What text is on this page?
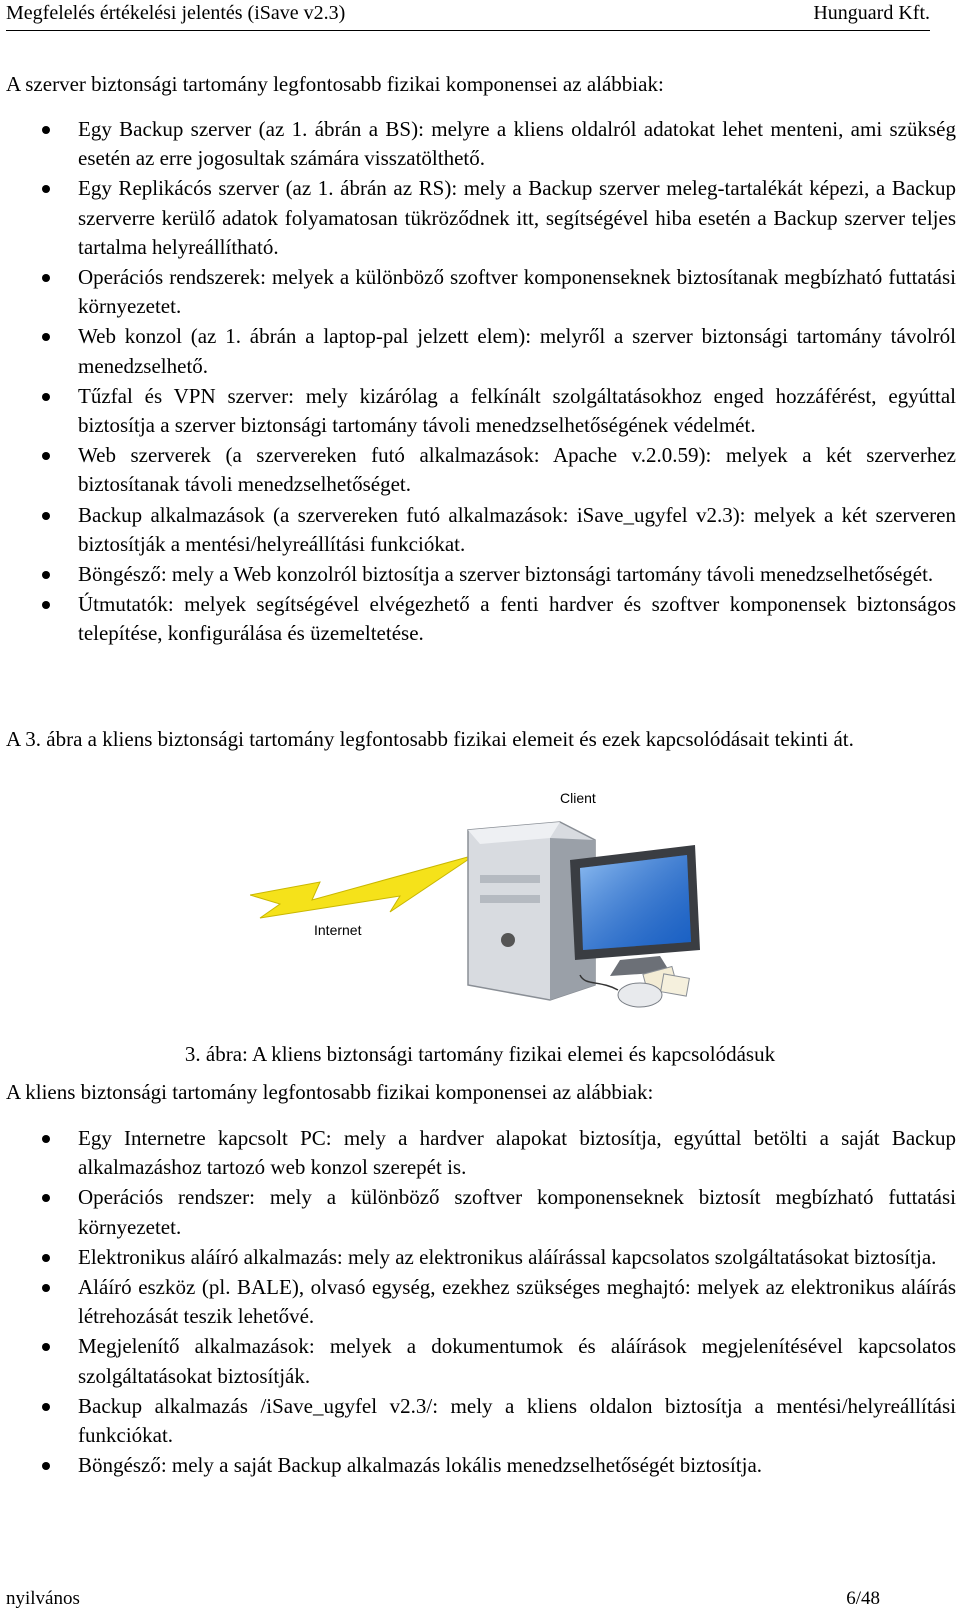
Megfelelés értékelési jelentés (iSave v2.3)	Hunguard Kft.
A szerver biztonsági tartomány legfontosabb fizikai komponensei az alábbiak:
Egy Backup szerver (az 1. ábrán a BS): melyre a kliens oldalról adatokat lehet menteni, ami szükség esetén az erre jogosultak számára visszatölthető.
Egy Replikácós szerver (az 1. ábrán az RS): mely a Backup szerver meleg-tartalékát képezi, a Backup szerverre kerülő adatok folyamatosan tükröződnek itt, segítségével hiba esetén a Backup szerver teljes tartalma helyreállítható.
Operációs rendszerek: melyek a különböző szoftver komponenseknek biztosítanak megbízható futtatási környezetet.
Web konzol (az 1. ábrán a laptop-pal jelzett elem): melyről a szerver biztonsági tartomány távolról menedzselhető.
Tűzfal és VPN szerver: mely kizárólag a felkínált szolgáltatásokhoz enged hozzáférést, egyúttal biztosítja a szerver biztonsági tartomány távoli menedzselhetőségének védelmét.
Web szerverek (a szervereken futó alkalmazások: Apache v.2.0.59): melyek a két szerverhez biztosítanak távoli menedzselhetőséget.
Backup alkalmazások (a szervereken futó alkalmazások: iSave_ugyfel v2.3): melyek a két szerveren biztosítják a mentési/helyreállítási funkciókat.
Böngésző: mely a Web konzolról biztosítja a szerver biztonsági tartomány távoli menedzselhetőségét.
Útmutatók: melyek segítségével elvégezhető a fenti hardver és szoftver komponensek biztonságos telepítése, konfigurálása és üzemeltetése.
A 3. ábra a kliens biztonsági tartomány legfontosabb fizikai elemeit és ezek kapcsolódásait tekinti át.
Client
Internet
3. ábra: A kliens biztonsági tartomány fizikai elemei és kapcsolódásuk
A kliens biztonsági tartomány legfontosabb fizikai komponensei az alábbiak:
Egy Internetre kapcsolt PC: mely a hardver alapokat biztosítja, egyúttal betölti a saját Backup alkalmazáshoz tartozó web konzol szerepét is.
Operációs rendszer: mely a különböző szoftver komponenseknek biztosít megbízható futtatási környezetet.
Elektronikus aláíró alkalmazás: mely az elektronikus aláírással kapcsolatos szolgáltatásokat biztosítja.
Aláíró eszköz (pl. BALE), olvasó egység, ezekhez szükséges meghajtó: melyek az elektronikus aláírás létrehozását teszik lehetővé.
Megjelenítő alkalmazások: melyek a dokumentumok és aláírások megjelenítésével kapcsolatos szolgáltatásokat biztosítják.
Backup alkalmazás /iSave_ugyfel v2.3/: mely a kliens oldalon biztosítja a mentési/helyreállítási funkciókat.
Böngésző: mely a saját Backup alkalmazás lokális menedzselhetőségét biztosítja.
nyilvános	6/48
